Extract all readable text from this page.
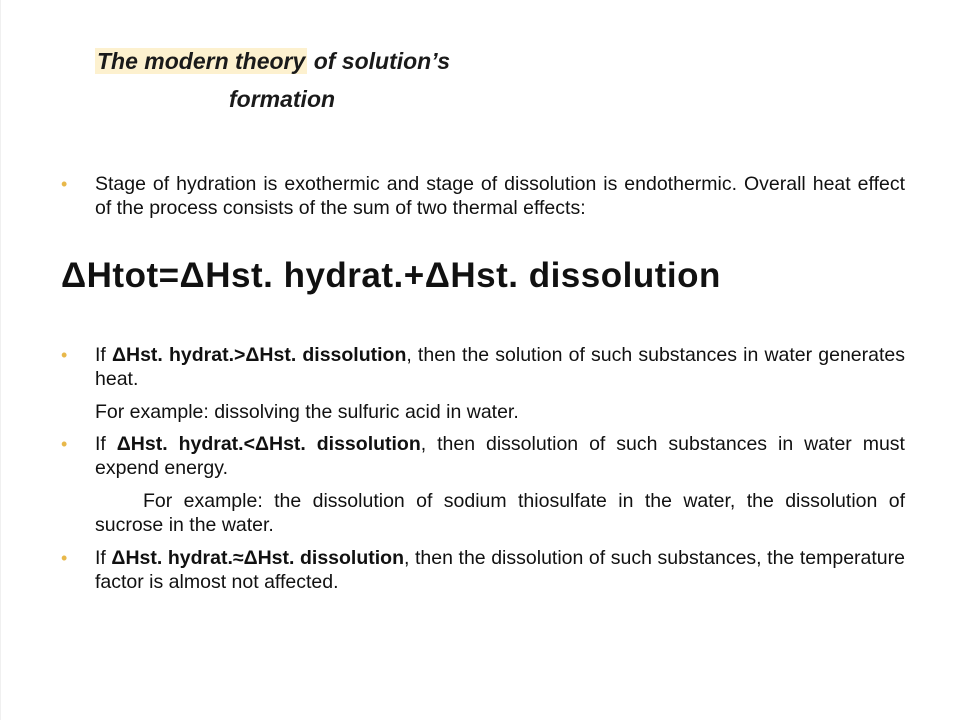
The modern theory of solution’s
formation
• Stage of hydration is exothermic and stage of dissolution is endothermic. Overall heat effect of the process consists of the sum of two thermal effects:
ΔHtot=ΔHst. hydrat.+ΔHst. dissolution
• If ΔHst. hydrat.>ΔHst. dissolution, then the solution of such substances in water generates heat.
For example: dissolving the sulfuric acid in water.
• If ΔHst. hydrat.<ΔHst. dissolution, then dissolution of such substances in water must expend energy.
For example: the dissolution of sodium thiosulfate in the water, the dissolution of sucrose in the water.
• If ΔHst. hydrat.≈ΔHst. dissolution, then the dissolution of such substances, the temperature factor is almost not affected.
